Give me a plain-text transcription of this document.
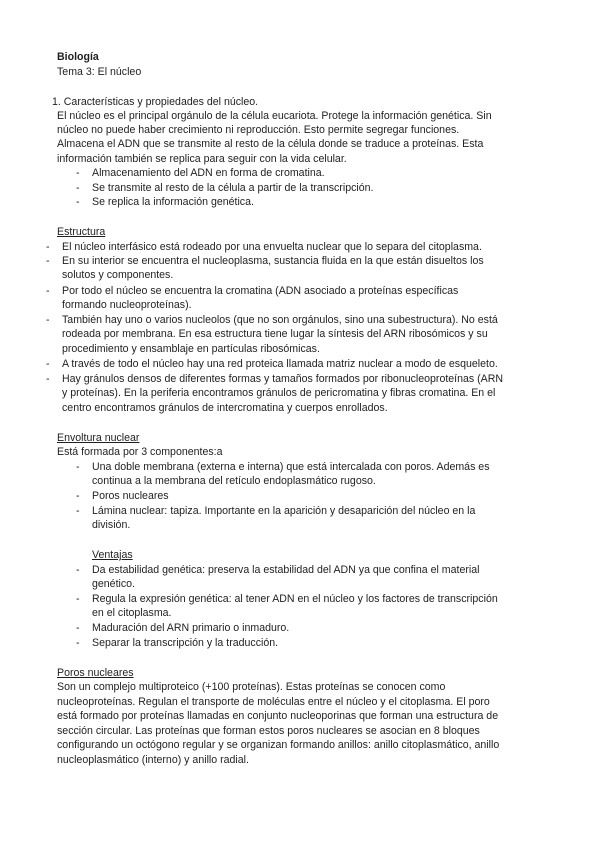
Biología
Tema 3: El núcleo
1. Características y propiedades del núcleo.
El núcleo es el principal orgánulo de la célula eucariota. Protege la información genética. Sin
núcleo no puede haber crecimiento ni reproducción. Esto permite segregar funciones.
Almacena el ADN que se transmite al resto de la célula donde se traduce a proteínas. Esta
información también se replica para seguir con la vida celular.
- Almacenamiento del ADN en forma de cromatina.
- Se transmite al resto de la célula a partir de la transcripción.
- Se replica la información genética.
Estructura
- El núcleo interfásico está rodeado por una envuelta nuclear que lo separa del citoplasma.
- En su interior se encuentra el nucleoplasma, sustancia fluida en la que están disueltos los
solutos y componentes.
- Por todo el núcleo se encuentra la cromatina (ADN asociado a proteínas específicas
formando nucleoproteínas).
- También hay uno o varios nucleolos (que no son orgánulos, sino una subestructura). No está
rodeada por membrana. En esa estructura tiene lugar la síntesis del ARN ribosómicos y su
procedimiento y ensamblaje en partículas ribosómicas.
- A través de todo el núcleo hay una red proteica llamada matriz nuclear a modo de esqueleto.
- Hay gránulos densos de diferentes formas y tamaños formados por ribonucleoproteínas (ARN
y proteínas). En la periferia encontramos gránulos de pericromatina y fibras cromatina. En el
centro encontramos gránulos de intercromatina y cuerpos enrollados.
Envoltura nuclear
Está formada por 3 componentes:a
- Una doble membrana (externa e interna) que está intercalada con poros. Además es
continua a la membrana del retículo endoplasmático rugoso.
- Poros nucleares
- Lámina nuclear: tapiza. Importante en la aparición y desaparición del núcleo en la
división.
Ventajas
- Da estabilidad genética: preserva la estabilidad del ADN ya que confina el material
genético.
- Regula la expresión genética: al tener ADN en el núcleo y los factores de transcripción
en el citoplasma.
- Maduración del ARN primario o inmaduro.
- Separar la transcripción y la traducción.
Poros nucleares
Son un complejo multiproteico (+100 proteínas). Estas proteínas se conocen como
nucleoproteínas. Regulan el transporte de moléculas entre el núcleo y el citoplasma. El poro
está formado por proteínas llamadas en conjunto nucleoporinas que forman una estructura de
sección circular. Las proteínas que forman estos poros nucleares se asocian en 8 bloques
configurando un octógono regular y se organizan formando anillos: anillo citoplasmático, anillo
nucleoplasmático (interno) y anillo radial.
